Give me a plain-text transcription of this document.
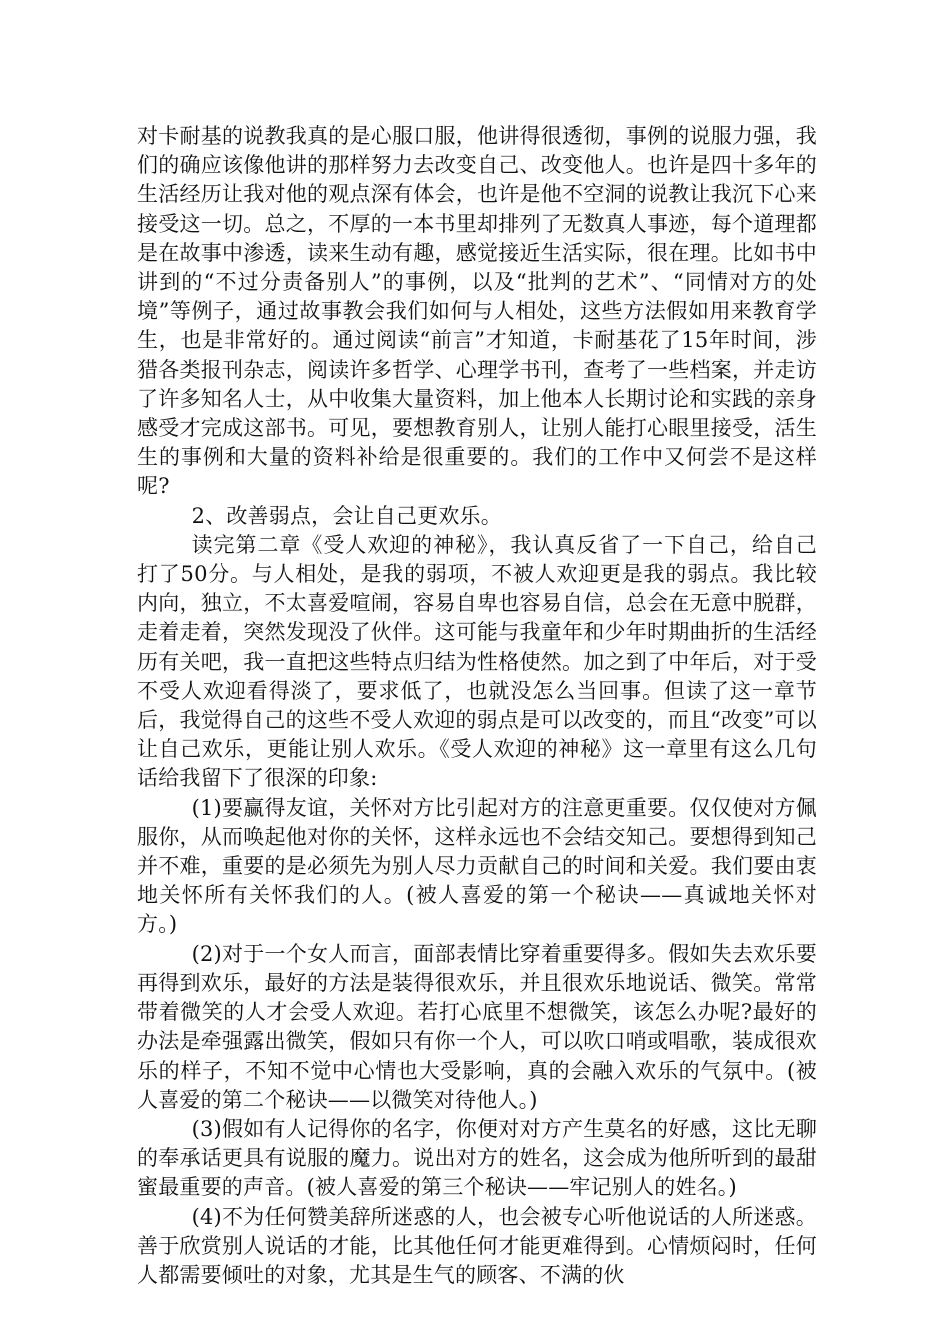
对卡耐基的说教我真的是心服口服，他讲得很透彻，事例的说服力强，我们的确应该像他讲的那样努力去改变自己、改变他人。也许是四十多年的生活经历让我对他的观点深有体会，也许是他不空洞的说教让我沉下心来接受这一切。总之，不厚的一本书里却排列了无数真人事迹，每个道理都是在故事中渗透，读来生动有趣，感觉接近生活实际，很在理。比如书中讲到的“不过分责备别人”的事例，以及“批判的艺术”、“同情对方的处境”等例子，通过故事教会我们如何与人相处，这些方法假如用来教育学生，也是非常好的。通过阅读“前言”才知道，卡耐基花了15年时间，涉猎各类报刊杂志，阅读许多哲学、心理学书刊，查考了一些档案，并走访了许多知名人士，从中收集大量资料，加上他本人长期讨论和实践的亲身感受才完成这部书。可见，要想教育别人，让别人能打心眼里接受，活生生的事例和大量的资料补给是很重要的。我们的工作中又何尝不是这样呢?

2、改善弱点，会让自己更欢乐。

读完第二章《受人欢迎的神秘》，我认真反省了一下自己，给自己打了50分。与人相处，是我的弱项，不被人欢迎更是我的弱点。我比较内向，独立，不太喜爱喧闹，容易自卑也容易自信，总会在无意中脱群，走着走着，突然发现没了伙伴。这可能与我童年和少年时期曲折的生活经历有关吧，我一直把这些特点归结为性格使然。加之到了中年后，对于受不受人欢迎看得淡了，要求低了，也就没怎么当回事。但读了这一章节后，我觉得自己的这些不受人欢迎的弱点是可以改变的，而且“改变”可以让自己欢乐，更能让别人欢乐。《受人欢迎的神秘》这一章里有这么几句话给我留下了很深的印象:

(1)要赢得友谊，关怀对方比引起对方的注意更重要。仅仅使对方佩服你，从而唤起他对你的关怀，这样永远也不会结交知己。要想得到知己并不难，重要的是必须先为别人尽力贡献自己的时间和关爱。我们要由衷地关怀所有关怀我们的人。(被人喜爱的第一个秘诀——真诚地关怀对方。)

(2)对于一个女人而言，面部表情比穿着重要得多。假如失去欢乐要再得到欢乐，最好的方法是装得很欢乐，并且很欢乐地说话、微笑。常常带着微笑的人才会受人欢迎。若打心底里不想微笑，该怎么办呢?最好的办法是牵强露出微笑，假如只有你一个人，可以吹口哨或唱歌，装成很欢乐的样子，不知不觉中心情也大受影响，真的会融入欢乐的气氛中。(被人喜爱的第二个秘诀——以微笑对待他人。)

(3)假如有人记得你的名字，你便对对方产生莫名的好感，这比无聊的奉承话更具有说服的魔力。说出对方的姓名，这会成为他所听到的最甜蜜最重要的声音。(被人喜爱的第三个秘诀——牢记别人的姓名。)

(4)不为任何赞美辞所迷惑的人，也会被专心听他说话的人所迷惑。善于欣赏别人说话的才能，比其他任何才能更难得到。心情烦闷时，任何人都需要倾吐的对象，尤其是生气的顾客、不满的伙
